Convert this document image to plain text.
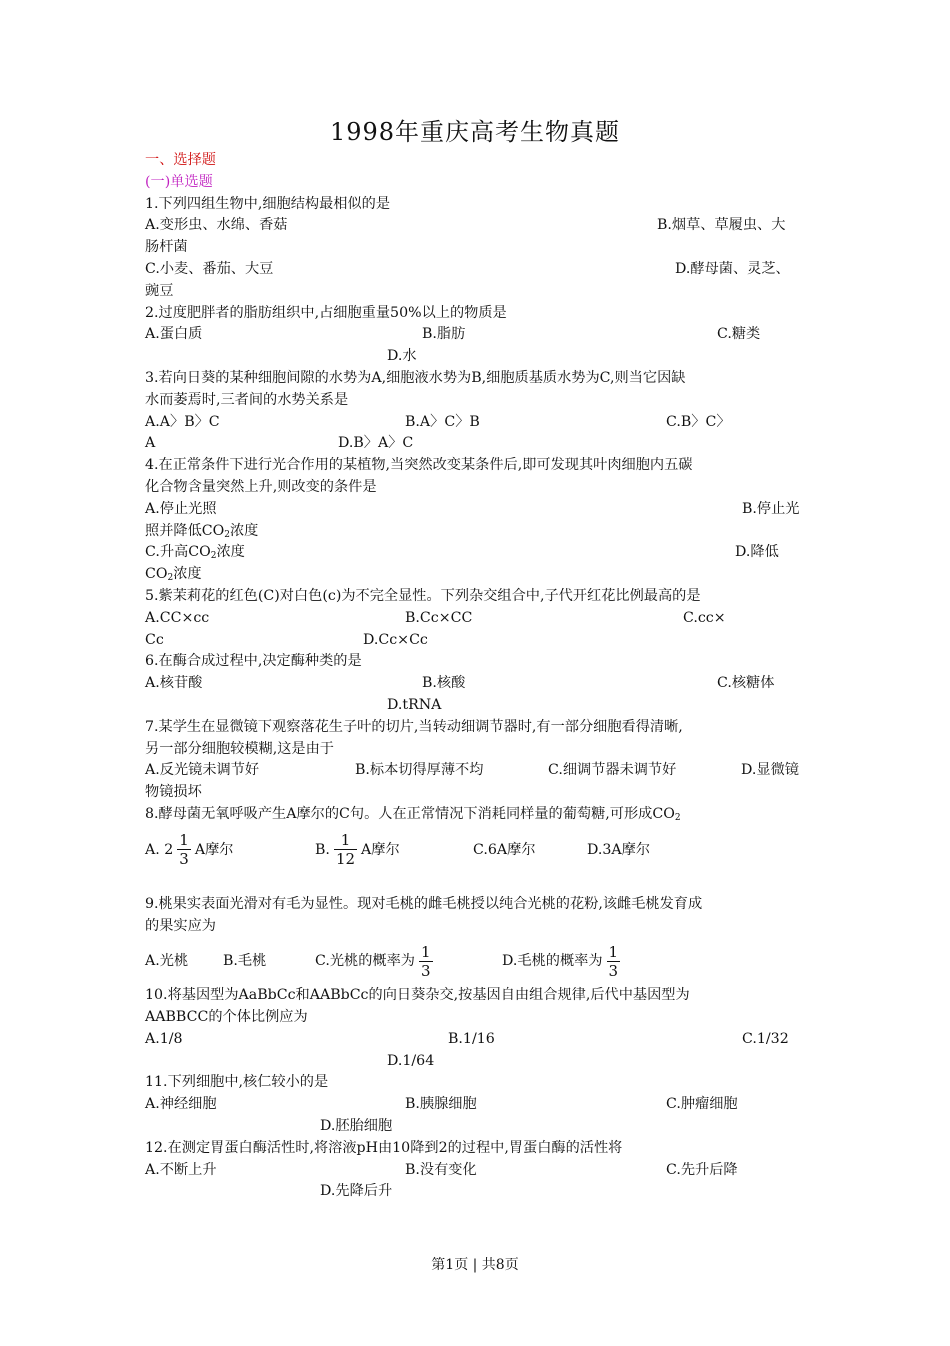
1998年重庆高考生物真题
一、选择题
(一)单选题
1.下列四组生物中,细胞结构最相似的是
A.变形虫、水绵、香菇	B.烟草、草履虫、大
肠杆菌
C.小麦、番茄、大豆	D.酵母菌、灵芝、
豌豆
2.过度肥胖者的脂肪组织中,占细胞重量50%以上的物质是
A.蛋白质	B.脂肪	C.糖类
D.水
3.若向日葵的某种细胞间隙的水势为A,细胞液水势为B,细胞质基质水势为C,则当它因缺
水而萎焉时,三者间的水势关系是
A.A〉B〉C	B.A〉C〉B	C.B〉C〉
A	D.B〉A〉C
4.在正常条件下进行光合作用的某植物,当突然改变某条件后,即可发现其叶肉细胞内五碳
化合物含量突然上升,则改变的条件是
A.停止光照	B.停止光
照并降低$CO_2$浓度
C.升高$CO_2$浓度	D.降低
$CO_2$浓度
5.紫茉莉花的红色(C)对白色(c)为不完全显性。下列杂交组合中,子代开红花比例最高的是
A.CC×cc	B.Cc×CC	C.cc×
Cc	D.Cc×Cc
6.在酶合成过程中,决定酶种类的是
A.核苷酸	B.核酸	C.核糖体
D.tRNA
7.某学生在显微镜下观察落花生子叶的切片,当转动细调节器时,有一部分细胞看得清晰,
另一部分细胞较模糊,这是由于
A.反光镜未调节好	B.标本切得厚薄不均	C.细调节器未调节好	D.显微镜
物镜损坏
8.酵母菌无氧呼吸产生A摩尔的C句。人在正常情况下消耗同样量的葡萄糖,可形成$CO_2$
A. $2 \frac{1}{3}$ A摩尔	B. $\frac{1}{12}$ A摩尔	C.6A摩尔	D.3A摩尔
9.桃果实表面光滑对有毛为显性。现对毛桃的雌毛桃授以纯合光桃的花粉,该雌毛桃发育成
的果实应为
A.光桃 B.毛桃	C.光桃的概率为 $\frac{1}{3}$	D.毛桃的概率为 $\frac{1}{3}$
10.将基因型为AaBbCc和AABbCc的向日葵杂交,按基因自由组合规律,后代中基因型为
AABBCC的个体比例应为
A.1/8	B.1/16	C.1/32
D.1/64
11.下列细胞中,核仁较小的是
A.神经细胞	B.胰腺细胞	C.肿瘤细胞
D.胚胎细胞
12.在测定胃蛋白酶活性时,将溶液pH由10降到2的过程中,胃蛋白酶的活性将
A.不断上升	B.没有变化	C.先升后降
D.先降后升
第1页 | 共8页
